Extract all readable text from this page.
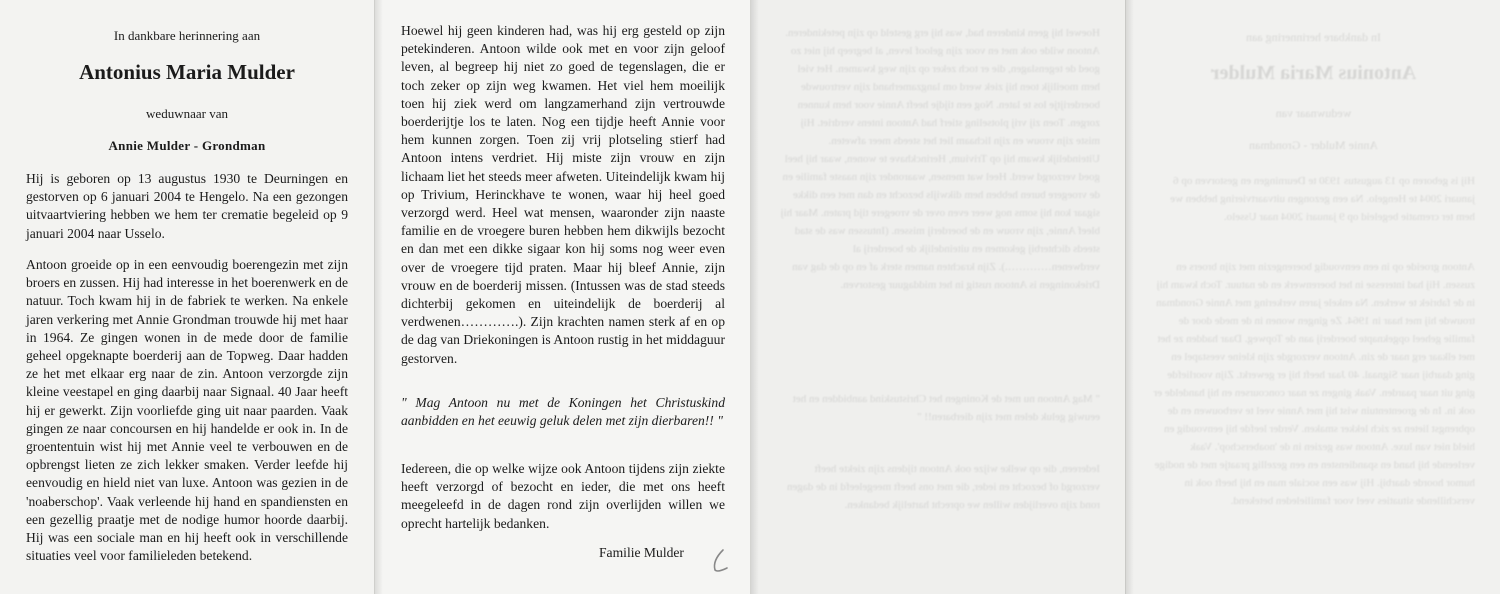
In dankbare herinnering aan
Antonius Maria Mulder
weduwnaar van
Annie Mulder - Grondman

Hij is geboren op 13 augustus 1930 te Deurningen en gestorven op 6 januari 2004 te Hengelo. Na een gezongen uitvaartviering hebben we hem ter crematie begeleid op 9 januari 2004 naar Usselo.

Antoon groeide op in een eenvoudig boerengezin met zijn broers en zussen. Hij had interesse in het boerenwerk en de natuur. Toch kwam hij in de fabriek te werken. Na enkele jaren verkering met Annie Grondman trouwde hij met haar in 1964. Ze gingen wonen in de mede door de familie geheel opgeknapte boerderij aan de Topweg. Daar hadden ze het met elkaar erg naar de zin. Antoon verzorgde zijn kleine veestapel en ging daarbij naar Signaal. 40 Jaar heeft hij er gewerkt. Zijn voorliefde ging uit naar paarden. Vaak gingen ze naar concoursen en hij handelde er ook in. In de groententuin wist hij met Annie veel te verbouwen en de opbrengst lieten ze zich lekker smaken. Verder leefde hij eenvoudig en hield niet van luxe. Antoon was gezien in de 'noaberschop'. Vaak verleende hij hand en spandiensten en een gezellig praatje met de nodige humor hoorde daarbij. Hij was een sociale man en hij heeft ook in verschillende situaties veel voor familieleden betekend.

Hoewel hij geen kinderen had, was hij erg gesteld op zijn petekinderen. Antoon wilde ook met en voor zijn geloof leven, al begreep hij niet zo goed de tegenslagen, die er toch zeker op zijn weg kwamen. Het viel hem moeilijk toen hij ziek werd om langzamerhand zijn vertrouwde boerderijtje los te laten. Nog een tijdje heeft Annie voor hem kunnen zorgen. Toen zij vrij plotseling stierf had Antoon intens verdriet. Hij miste zijn vrouw en zijn lichaam liet het steeds meer afweten. Uiteindelijk kwam hij op Trivium, Herinckhave te wonen, waar hij heel goed verzorgd werd. Heel wat mensen, waaronder zijn naaste familie en de vroegere buren hebben hem dikwijls bezocht en dan met een dikke sigaar kon hij soms nog weer even over de vroegere tijd praten. Maar hij bleef Annie, zijn vrouw en de boerderij missen. (Intussen was de stad steeds dichterbij gekomen en uiteindelijk de boerderij al verdwenen………….). Zijn krachten namen sterk af en op de dag van Driekoningen is Antoon rustig in het middaguur gestorven.

" Mag Antoon nu met de Koningen het Christuskind aanbidden en het eeuwig geluk delen met zijn dierbaren!! "

Iedereen, die op welke wijze ook Antoon tijdens zijn ziekte heeft verzorgd of bezocht en ieder, die met ons heeft meegeleefd in de dagen rond zijn overlijden willen we oprecht hartelijk bedanken.

Familie Mulder

Hoewel hij geen kinderen had, was hij erg gesteld op zijn petekinderen. Antoon wilde ook met en voor zijn geloof leven, al begreep hij niet zo goed de tegenslagen, die er toch zeker op zijn weg kwamen. Het viel hem moeilijk toen hij ziek werd om langzamerhand zijn vertrouwde boerderijtje los te laten. Nog een tijdje heeft Annie voor hem kunnen zorgen. Toen zij vrij plotseling stierf had Antoon intens verdriet. Hij miste zijn vrouw en zijn lichaam liet het steeds meer afweten. Uiteindelijk kwam hij op Trivium, Herinckhave te wonen, waar hij heel goed verzorgd werd. Heel wat mensen, waaronder zijn naaste familie en de vroegere buren hebben hem dikwijls bezocht en dan met een dikke sigaar kon hij soms nog weer even over de vroegere tijd praten. Maar hij bleef Annie, zijn vrouw en de boerderij missen. (Intussen was de stad steeds dichterbij gekomen en uiteindelijk de boerderij al verdwenen………….). Zijn krachten namen sterk af en op de dag van Driekoningen is Antoon rustig in het middaguur gestorven.

" Mag Antoon nu met de Koningen het Christuskind aanbidden en het eeuwig geluk delen met zijn dierbaren!! "

Iedereen, die op welke wijze ook Antoon tijdens zijn ziekte heeft verzorgd of bezocht en ieder, die met ons heeft meegeleefd in de dagen rond zijn overlijden willen we oprecht hartelijk bedanken.

In dankbare herinnering aan
Antonius Maria Mulder
weduwnaar van
Annie Mulder - Grondman

Hij is geboren op 13 augustus 1930 te Deurningen en gestorven op 6 januari 2004 te Hengelo. Na een gezongen uitvaartviering hebben we hem ter crematie begeleid op 9 januari 2004 naar Usselo.

Antoon groeide op in een eenvoudig boerengezin met zijn broers en zussen. Hij had interesse in het boerenwerk en de natuur. Toch kwam hij in de fabriek te werken. Na enkele jaren verkering met Annie Grondman trouwde hij met haar in 1964. Ze gingen wonen in de mede door de familie geheel opgeknapte boerderij aan de Topweg. Daar hadden ze het met elkaar erg naar de zin. Antoon verzorgde zijn kleine veestapel en ging daarbij naar Signaal. 40 Jaar heeft hij er gewerkt. Zijn voorliefde ging uit naar paarden. Vaak gingen ze naar concoursen en hij handelde er ook in. In de groententuin wist hij met Annie veel te verbouwen en de opbrengst lieten ze zich lekker smaken. Verder leefde hij eenvoudig en hield niet van luxe. Antoon was gezien in de 'noaberschop'. Vaak verleende hij hand en spandiensten en een gezellig praatje met de nodige humor hoorde daarbij. Hij was een sociale man en hij heeft ook in verschillende situaties veel voor familieleden betekend.
